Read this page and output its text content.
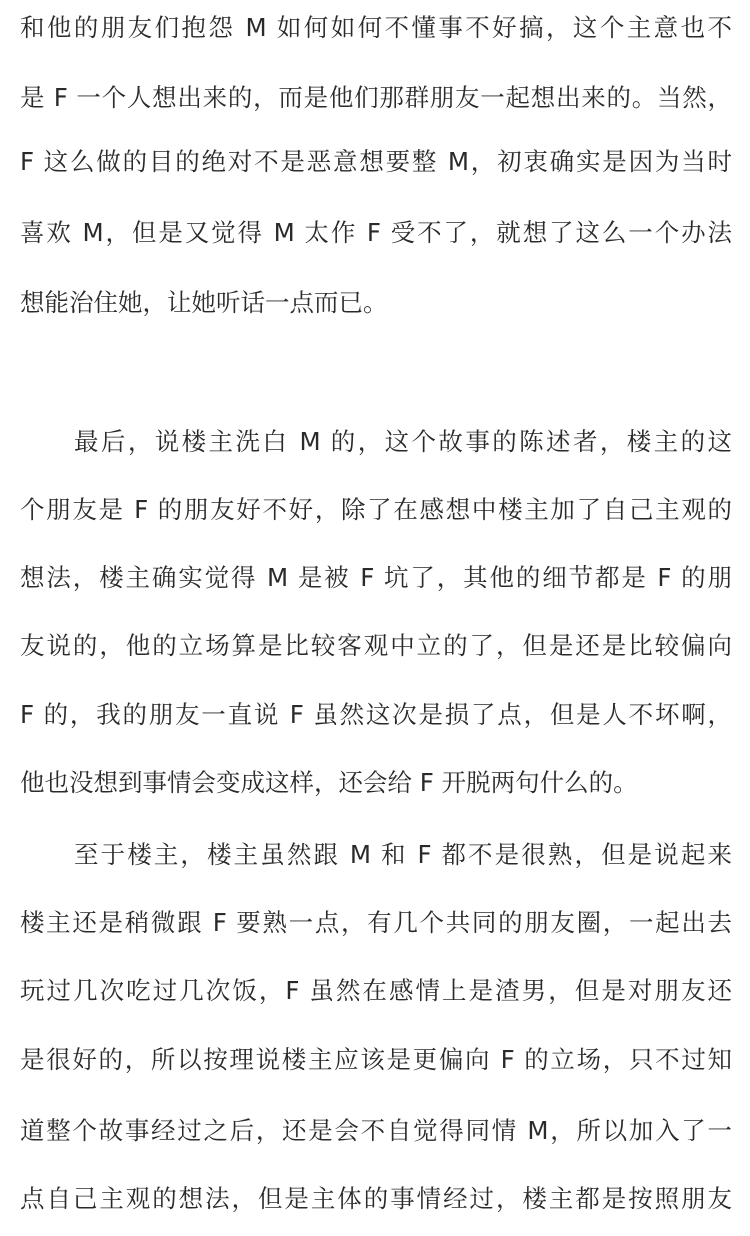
和他的朋友们抱怨 M 如何如何不懂事不好搞，这个主意也不
是 F 一个人想出来的，而是他们那群朋友一起想出来的。当然，
F 这么做的目的绝对不是恶意想要整 M，初衷确实是因为当时
喜欢 M，但是又觉得 M 太作 F 受不了，就想了这么一个办法
想能治住她，让她听话一点而已。
最后，说楼主洗白 M 的，这个故事的陈述者，楼主的这
个朋友是 F 的朋友好不好，除了在感想中楼主加了自己主观的
想法，楼主确实觉得 M 是被 F 坑了，其他的细节都是 F 的朋
友说的，他的立场算是比较客观中立的了，但是还是比较偏向
F 的，我的朋友一直说 F 虽然这次是损了点，但是人不坏啊，
他也没想到事情会变成这样，还会给 F 开脱两句什么的。
至于楼主，楼主虽然跟 M 和 F 都不是很熟，但是说起来
楼主还是稍微跟 F 要熟一点，有几个共同的朋友圈，一起出去
玩过几次吃过几次饭，F 虽然在感情上是渣男，但是对朋友还
是很好的，所以按理说楼主应该是更偏向 F 的立场，只不过知
道整个故事经过之后，还是会不自觉得同情 M，所以加入了一
点自己主观的想法，但是主体的事情经过，楼主都是按照朋友
